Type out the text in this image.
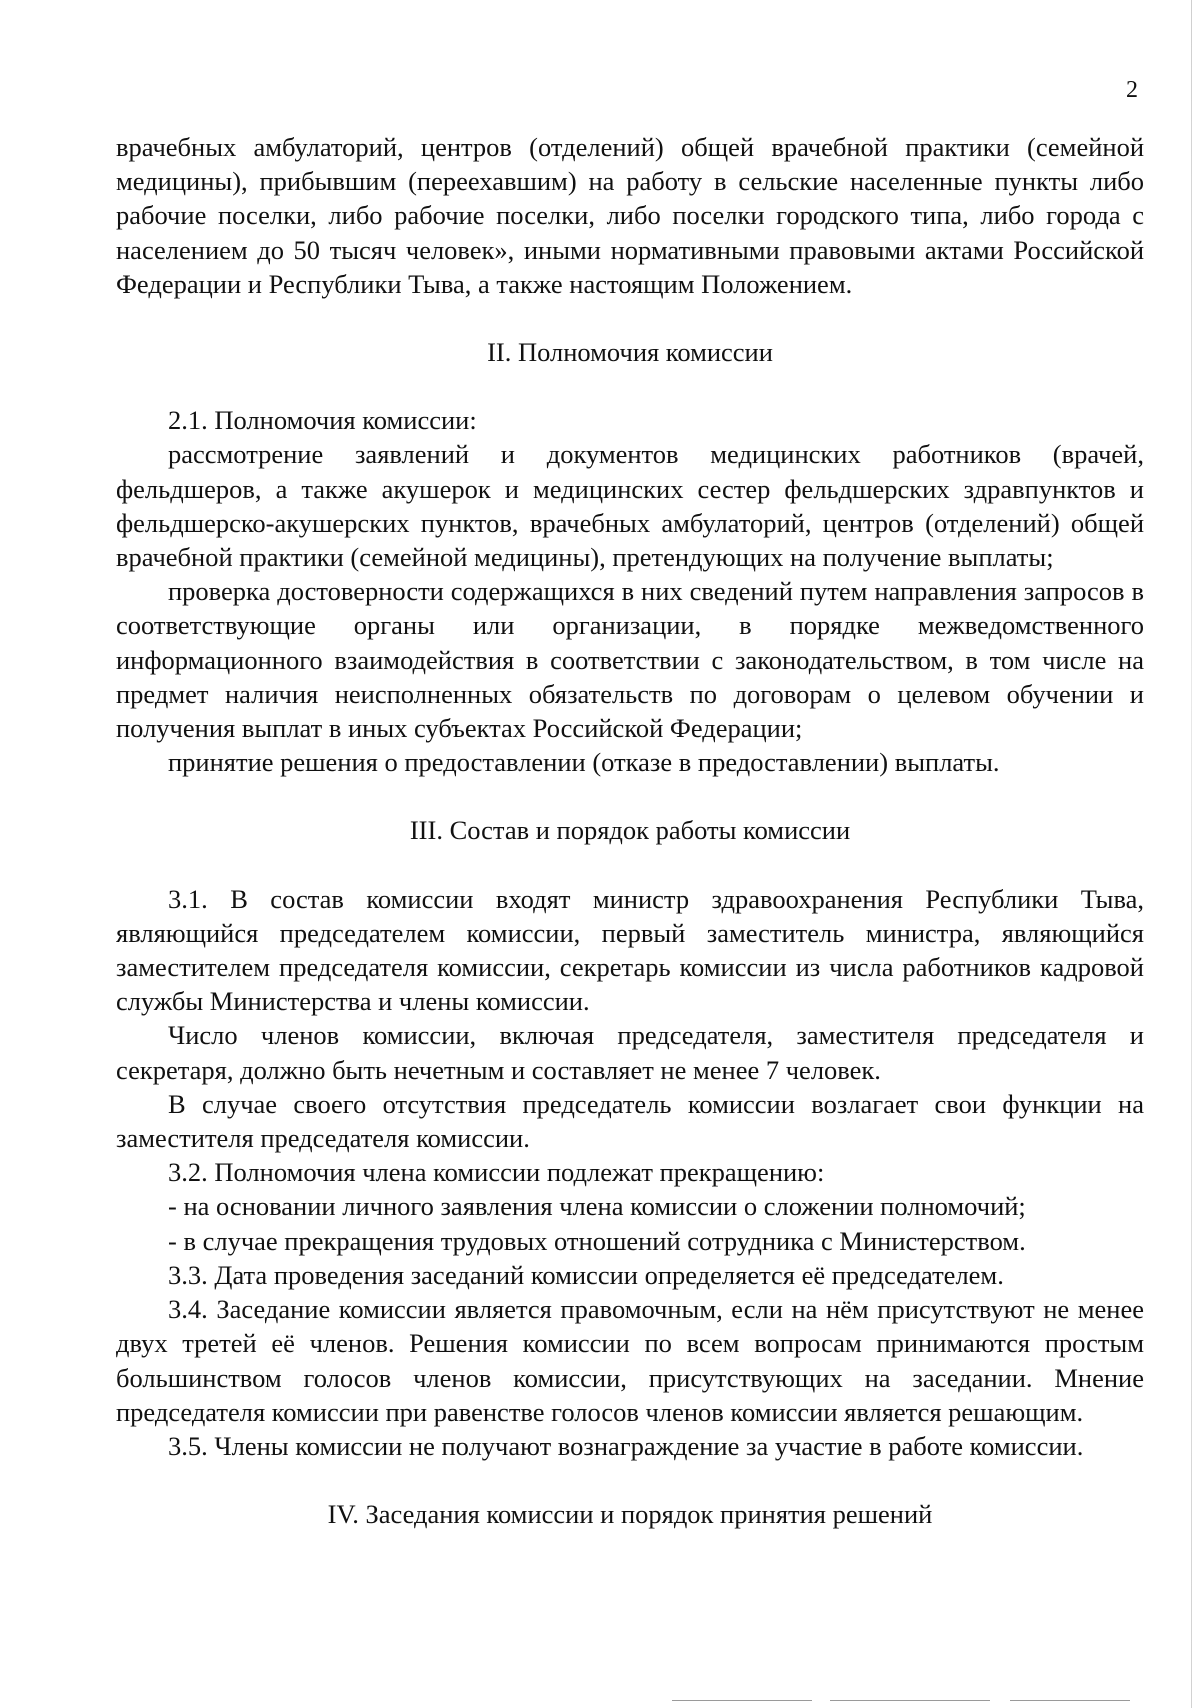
2

врачебных амбулаторий, центров (отделений) общей врачебной практики (семейной медицины), прибывшим (переехавшим) на работу в сельские населенные пункты либо рабочие поселки, либо рабочие поселки, либо поселки городского типа, либо города с населением до 50 тысяч человек», иными нормативными правовыми актами Российской Федерации и Республики Тыва, а также настоящим Положением.

II. Полномочия комиссии

2.1. Полномочия комиссии:

рассмотрение заявлений и документов медицинских работников (врачей, фельдшеров, а также акушерок и медицинских сестер фельдшерских здравпунктов и фельдшерско-акушерских пунктов, врачебных амбулаторий, центров (отделений) общей врачебной практики (семейной медицины), претендующих на получение выплаты;

проверка достоверности содержащихся в них сведений путем направления запросов в соответствующие органы или организации, в порядке межведомственного информационного взаимодействия в соответствии с законодательством, в том числе на предмет наличия неисполненных обязательств по договорам о целевом обучении и получения выплат в иных субъектах Российской Федерации;

принятие решения о предоставлении (отказе в предоставлении) выплаты.

III. Состав и порядок работы комиссии

3.1. В состав комиссии входят министр здравоохранения Республики Тыва, являющийся председателем комиссии, первый заместитель министра, являющийся заместителем председателя комиссии, секретарь комиссии из числа работников кадровой службы Министерства и члены комиссии.

Число членов комиссии, включая председателя, заместителя председателя и секретаря, должно быть нечетным и составляет не менее 7 человек.

В случае своего отсутствия председатель комиссии возлагает свои функции на заместителя председателя комиссии.

3.2. Полномочия члена комиссии подлежат прекращению:

- на основании личного заявления члена комиссии о сложении полномочий;

- в случае прекращения трудовых отношений сотрудника с Министерством.

3.3. Дата проведения заседаний комиссии определяется её председателем.

3.4. Заседание комиссии является правомочным, если на нём присутствуют не менее двух третей её членов. Решения комиссии по всем вопросам принимаются простым большинством голосов членов комиссии, присутствующих на заседании. Мнение председателя комиссии при равенстве голосов членов комиссии является решающим.

3.5. Члены комиссии не получают вознаграждение за участие в работе комиссии.

IV. Заседания комиссии и порядок принятия решений
